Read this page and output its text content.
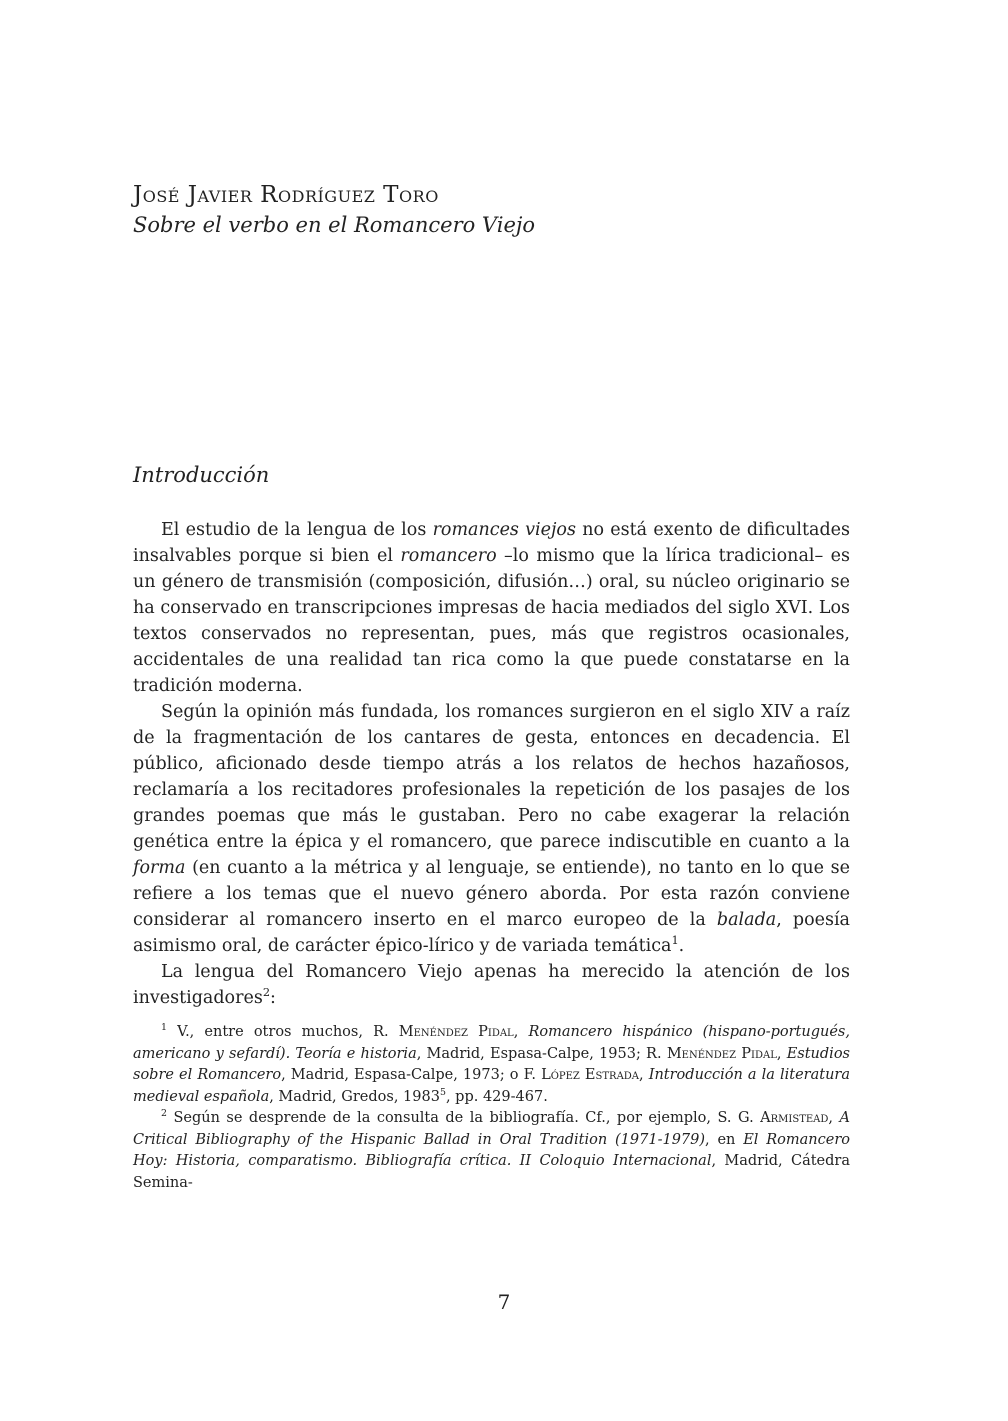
José Javier Rodríguez Toro
Sobre el verbo en el Romancero Viejo
Introducción

El estudio de la lengua de los romances viejos no está exento de dificultades insalvables porque si bien el romancero –lo mismo que la lírica tradicional– es un género de transmisión (composición, difusión…) oral, su núcleo originario se ha conservado en transcripciones impresas de hacia mediados del siglo XVI. Los textos conservados no representan, pues, más que registros ocasionales, accidentales de una realidad tan rica como la que puede constatarse en la tradición moderna.

Según la opinión más fundada, los romances surgieron en el siglo XIV a raíz de la fragmentación de los cantares de gesta, entonces en decadencia. El público, aficionado desde tiempo atrás a los relatos de hechos hazañosos, reclamaría a los recitadores profesionales la repetición de los pasajes de los grandes poemas que más le gustaban. Pero no cabe exagerar la relación genética entre la épica y el romancero, que parece indiscutible en cuanto a la forma (en cuanto a la métrica y al lenguaje, se entiende), no tanto en lo que se refiere a los temas que el nuevo género aborda. Por esta razón conviene considerar al romancero inserto en el marco europeo de la balada, poesía asimismo oral, de carácter épico-lírico y de variada temática$^1$.

La lengua del Romancero Viejo apenas ha merecido la atención de los investigadores$^2$:

$^1$ V., entre otros muchos, R. Menéndez Pidal, Romancero hispánico (hispano-portugués, americano y sefardí). Teoría e historia, Madrid, Espasa-Calpe, 1953; R. Menéndez Pidal, Estudios sobre el Romancero, Madrid, Espasa-Calpe, 1973; o F. López Estrada, Introducción a la literatura medieval española, Madrid, Gredos, 1983$^5$, pp. 429-467.

$^2$ Según se desprende de la consulta de la bibliografía. Cf., por ejemplo, S. G. Armistead, A Critical Bibliography of the Hispanic Ballad in Oral Tradition (1971-1979), en El Romancero Hoy: Historia, comparatismo. Bibliografía crítica. II Coloquio Internacional, Madrid, Cátedra Semina-

7
